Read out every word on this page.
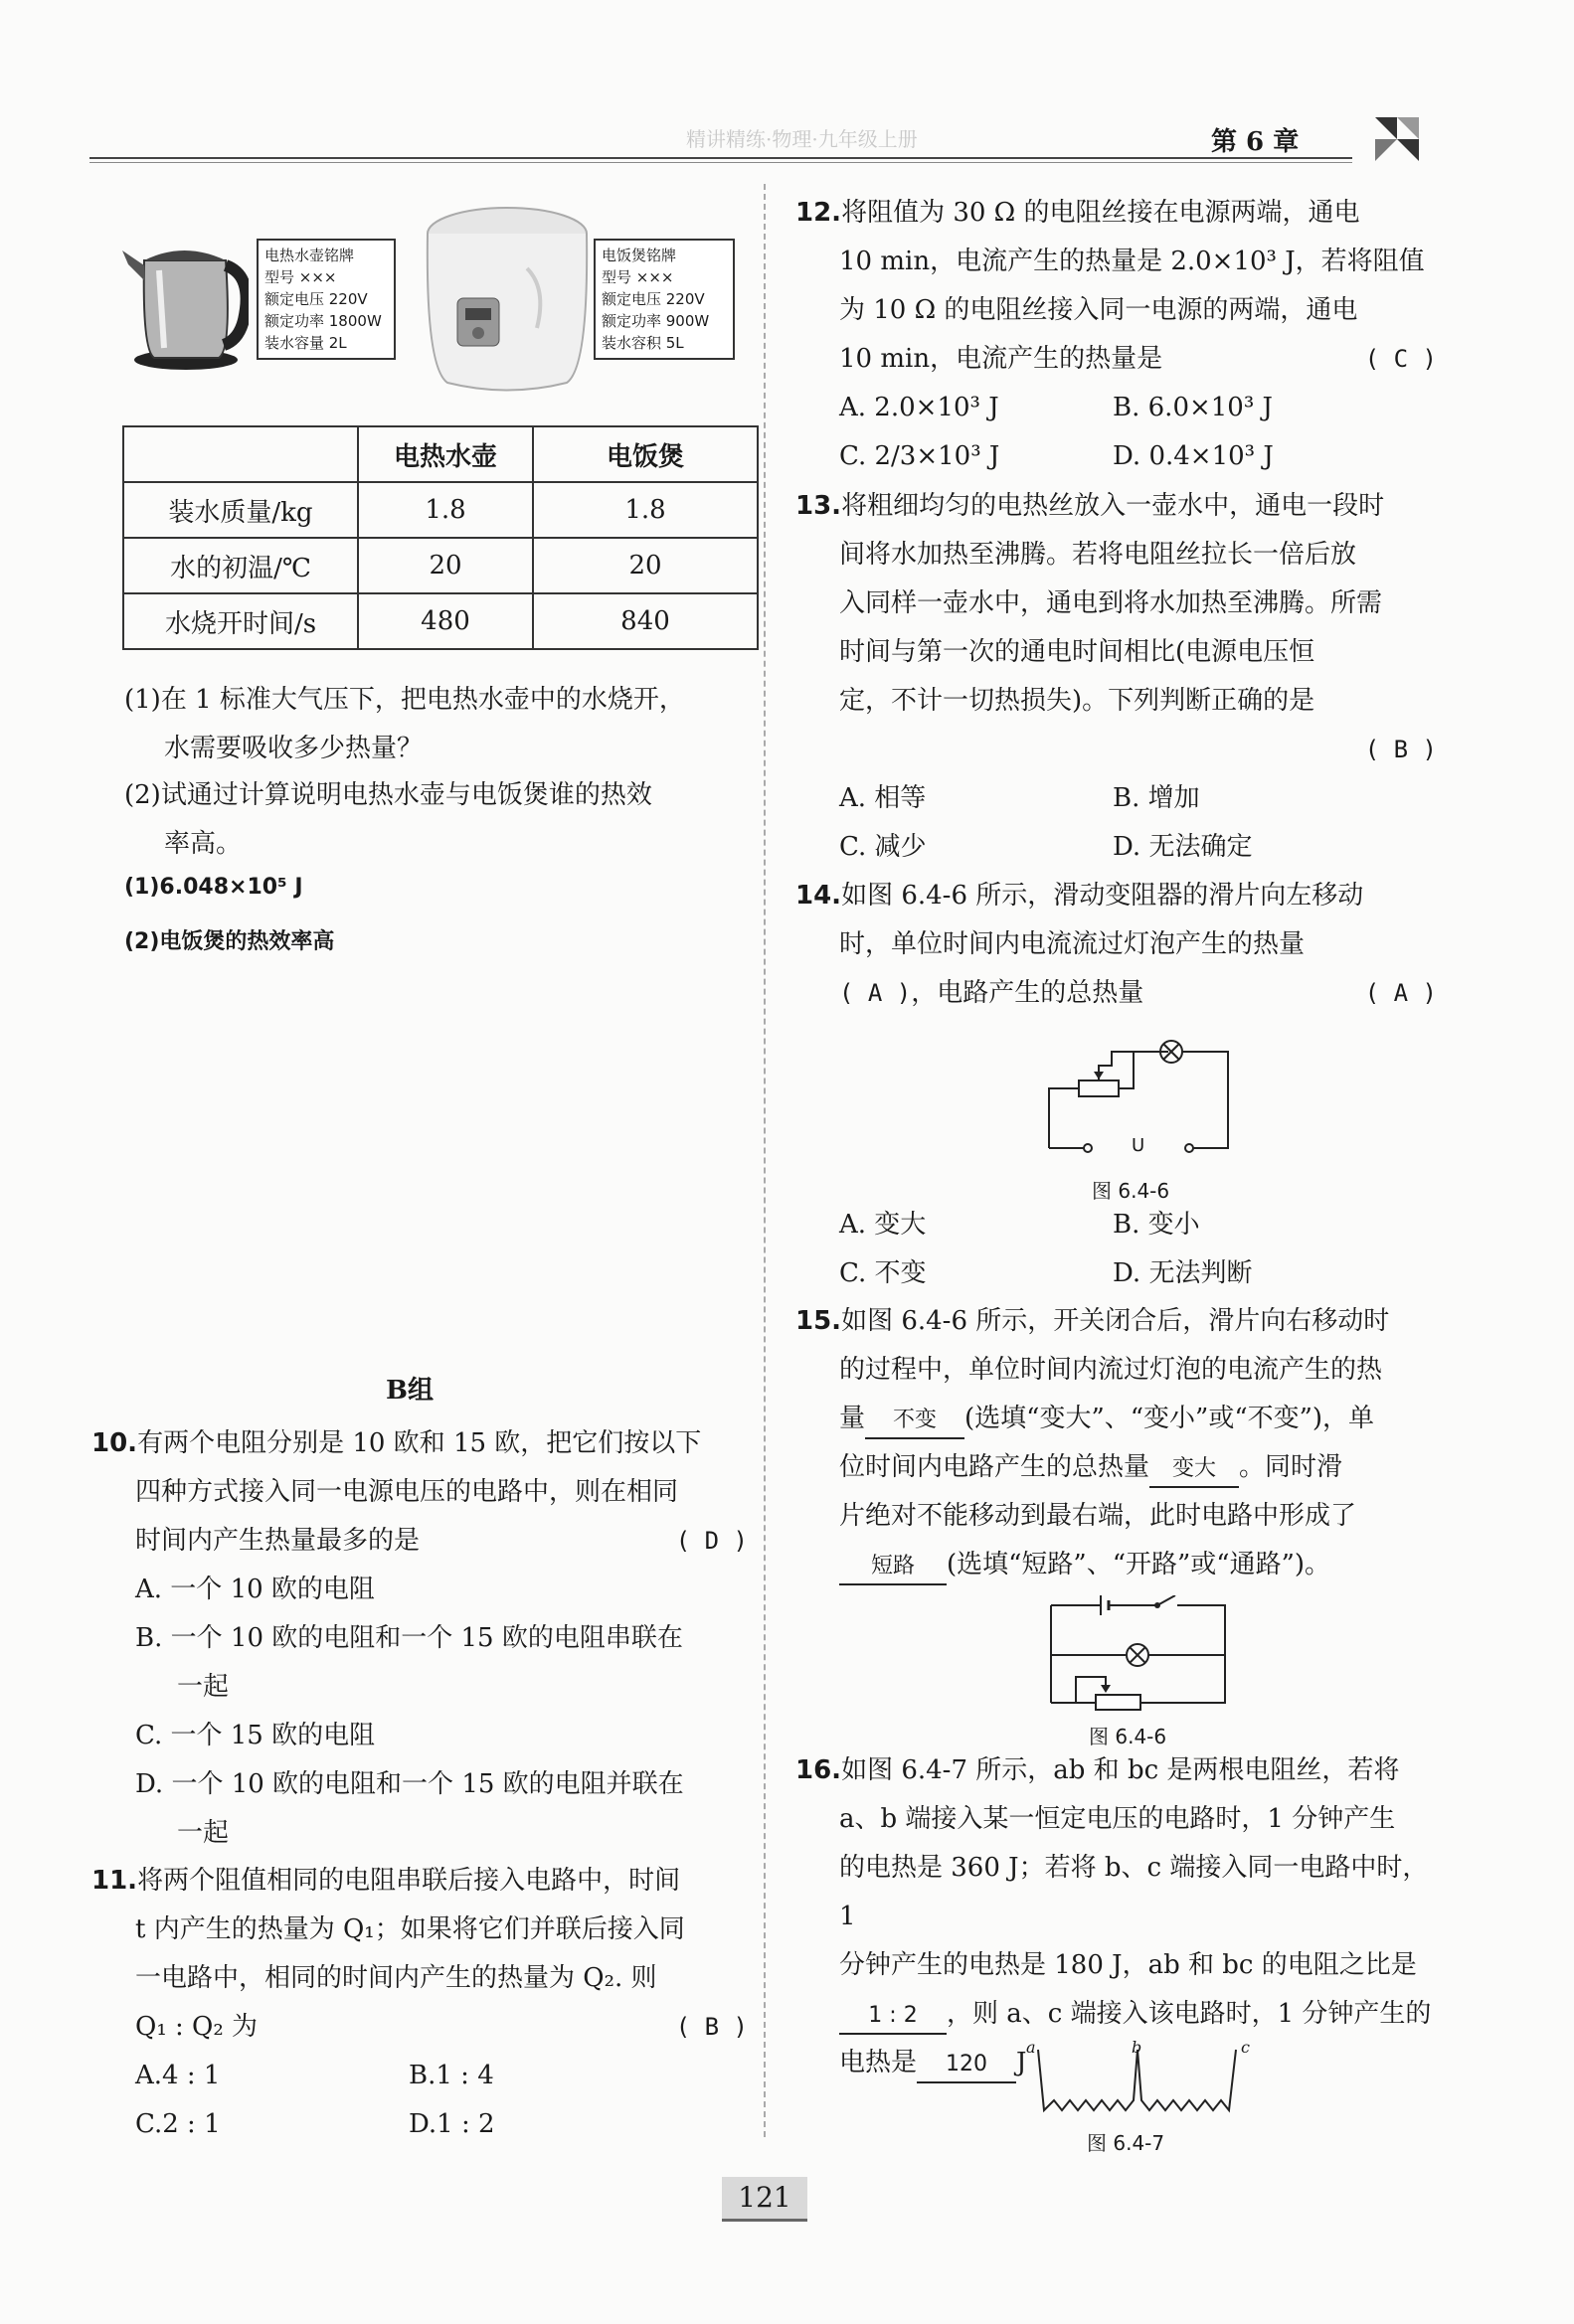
精讲精练·物理·九年级上册	第 6 章
电热水壶铭牌
型号 ×××
额定电压 220V
额定功率 1800W
装水容量 2L
电饭煲铭牌
型号 ×××
额定电压 220V
额定功率 900W
装水容积 5L
	电热水壶	电饭煲
装水质量/kg	1.8	1.8
水的初温/℃	20	20
水烧开时间/s	480	840
(1)在 1 标准大气压下，把电热水壶中的水烧开，
水需要吸收多少热量？
(2)试通过计算说明电热水壶与电饭煲谁的热效
率高。
(1)6.048×10⁵ J
(2)电饭煲的热效率高
B组
10.有两个电阻分别是 10 欧和 15 欧，把它们按以下
四种方式接入同一电源电压的电路中，则在相同
时间内产生热量最多的是	( D )
A. 一个 10 欧的电阻
B. 一个 10 欧的电阻和一个 15 欧的电阻串联在
一起
C. 一个 15 欧的电阻
D. 一个 10 欧的电阻和一个 15 欧的电阻并联在
一起
11.将两个阻值相同的电阻串联后接入电路中，时间
t 内产生的热量为 Q₁；如果将它们并联后接入同
一电路中，相同的时间内产生的热量为 Q₂. 则
Q₁ : Q₂ 为	( B )
A.4 : 1	B.1 : 4
C.2 : 1	D.1 : 2
12.将阻值为 30 Ω 的电阻丝接在电源两端，通电
10 min，电流产生的热量是 2.0×10³ J，若将阻值
为 10 Ω 的电阻丝接入同一电源的两端，通电
10 min，电流产生的热量是	( C )
A. 2.0×10³ J	B. 6.0×10³ J
C. 2/3×10³ J	D. 0.4×10³ J
13.将粗细均匀的电热丝放入一壶水中，通电一段时
间将水加热至沸腾。若将电阻丝拉长一倍后放
入同样一壶水中，通电到将水加热至沸腾。所需
时间与第一次的通电时间相比(电源电压恒
定，不计一切热损失)。下列判断正确的是
( B )
A. 相等	B. 增加
C. 减少	D. 无法确定
14.如图 6.4-6 所示，滑动变阻器的滑片向左移动
时，单位时间内电流流过灯泡产生的热量
( A )，电路产生的总热量	( A )
U
图 6.4-6
A. 变大	B. 变小
C. 不变	D. 无法判断
15.如图 6.4-6 所示，开关闭合后，滑片向右移动时
的过程中，单位时间内流过灯泡的电流产生的热
量 不变 (选填“变大”、“变小”或“不变”)，单
位时间内电路产生的总热量 变大 。同时滑
片绝对不能移动到最右端，此时电路中形成了
短路 (选填“短路”、“开路”或“通路”)。
图 6.4-6
16.如图 6.4-7 所示，ab 和 bc 是两根电阻丝，若将
a、b 端接入某一恒定电压的电路时，1 分钟产生
的电热是 360 J；若将 b、c 端接入同一电路中时，1
分钟产生的电热是 180 J，ab 和 bc 的电阻之比是
1 : 2 ，则 a、c 端接入该电路时，1 分钟产生的
电热是 120 J
a	b	c
图 6.4-7
121
